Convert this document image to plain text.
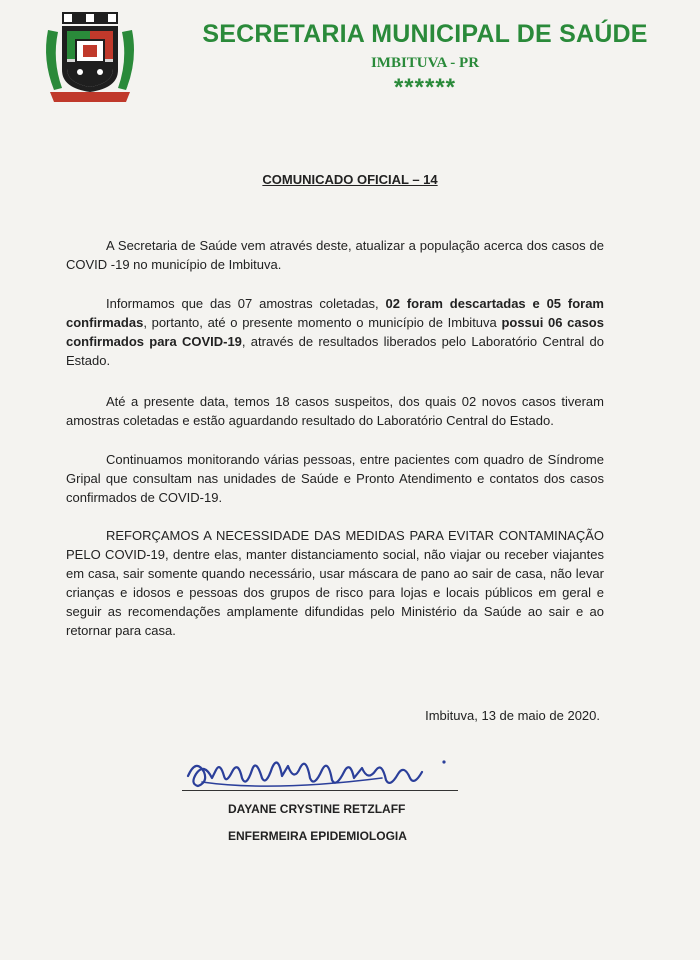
SECRETARIA MUNICIPAL DE SAÚDE
IMBITUVA - PR
******
COMUNICADO OFICIAL – 14
A Secretaria de Saúde vem através deste, atualizar a população acerca dos casos de COVID -19 no município de Imbituva.
Informamos que das 07 amostras coletadas, 02 foram descartadas e 05 foram confirmadas, portanto, até o presente momento o município de Imbituva possui 06 casos confirmados para COVID-19, através de resultados liberados pelo Laboratório Central do Estado.
Até a presente data, temos 18 casos suspeitos, dos quais 02 novos casos tiveram amostras coletadas e estão aguardando resultado do Laboratório Central do Estado.
Continuamos monitorando várias pessoas, entre pacientes com quadro de Síndrome Gripal que consultam nas unidades de Saúde e Pronto Atendimento e contatos dos casos confirmados de COVID-19.
REFORÇAMOS A NECESSIDADE DAS MEDIDAS PARA EVITAR CONTAMINAÇÃO PELO COVID-19, dentre elas, manter distanciamento social, não viajar ou receber viajantes em casa, sair somente quando necessário, usar máscara de pano ao sair de casa, não levar crianças e idosos e pessoas dos grupos de risco para lojas e locais públicos em geral e seguir as recomendações amplamente difundidas pelo Ministério da Saúde ao sair e ao retornar para casa.
Imbituva, 13 de maio de 2020.
DAYANE CRYSTINE RETZLAFF
ENFERMEIRA EPIDEMIOLOGIA
